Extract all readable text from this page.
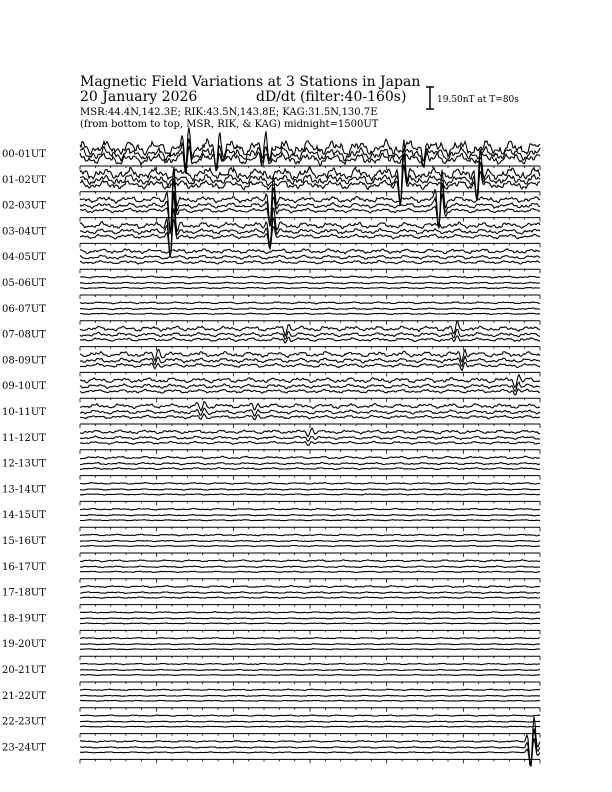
Magnetic Field Variations at 3 Stations in Japan
20 January 2026	dD/dt (filter:40-160s)
MSR:44.4N,142.3E; RIK:43.5N,143.8E; KAG:31.5N,130.7E
(from bottom to top, MSR, RIK, & KAG) midnight=1500UT
19.50nT at T=80s
00-01UT
01-02UT
02-03UT
03-04UT
04-05UT
05-06UT
06-07UT
07-08UT
08-09UT
09-10UT
10-11UT
11-12UT
12-13UT
13-14UT
14-15UT
15-16UT
16-17UT
17-18UT
18-19UT
19-20UT
20-21UT
21-22UT
22-23UT
23-24UT
